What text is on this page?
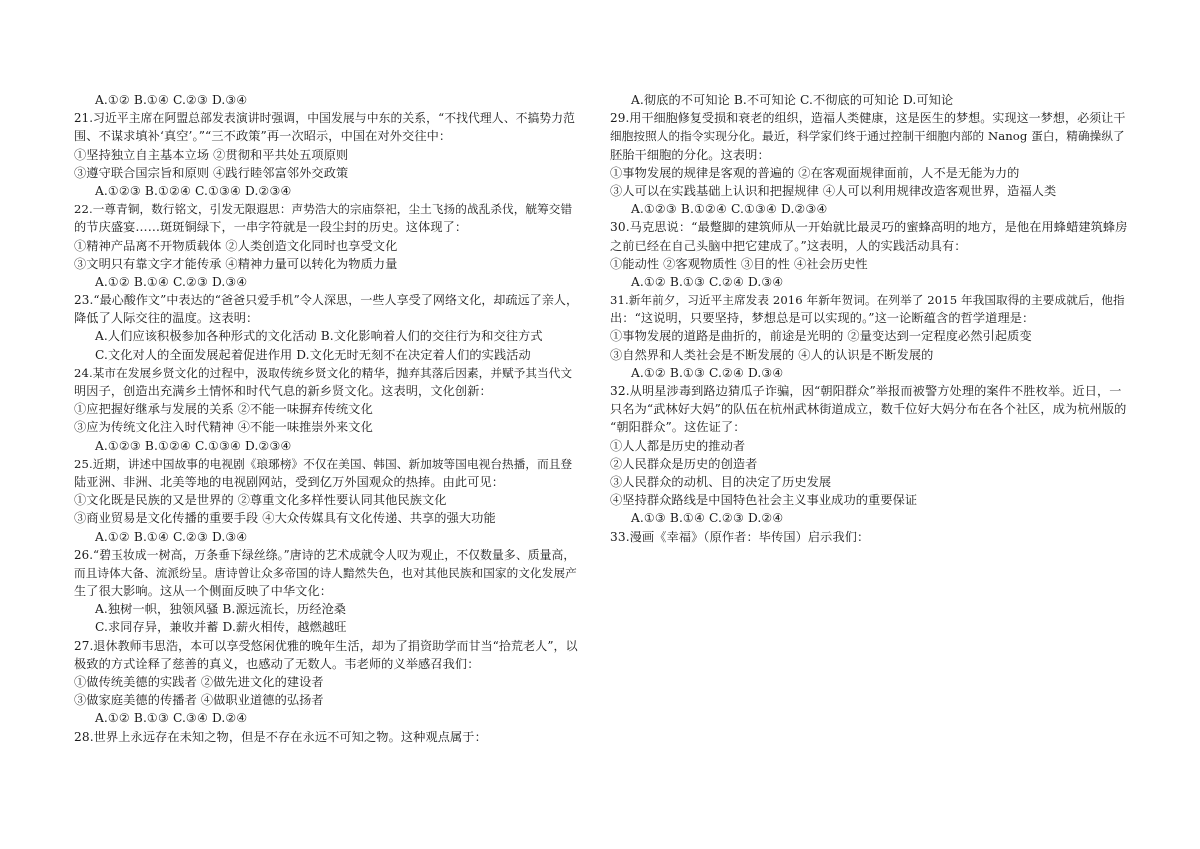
A.①② B.①④ C.②③ D.③④
21.习近平主席在阿盟总部发表演讲时强调，中国发展与中东的关系，“不找代理人、不搞势力范
围、不谋求填补‘真空’。”“三不政策”再一次昭示，中国在对外交往中：
①坚持独立自主基本立场 ②贯彻和平共处五项原则
③遵守联合国宗旨和原则 ④践行睦邻富邻外交政策
A.①②③ B.①②④ C.①③④ D.②③④
22.一尊青铜，数行铭文，引发无限遐思：声势浩大的宗庙祭祀，尘土飞扬的战乱杀伐，觥筹交错
的节庆盛宴……斑斑铜绿下，一串字符就是一段尘封的历史。这体现了：
①精神产品离不开物质载体 ②人类创造文化同时也享受文化
③文明只有靠文字才能传承 ④精神力量可以转化为物质力量
A.①② B.①④ C.②③ D.③④
23.“最心酸作文”中表达的“爸爸只爱手机”令人深思，一些人享受了网络文化，却疏远了亲人，
降低了人际交往的温度。这表明：
A.人们应该积极参加各种形式的文化活动 B.文化影响着人们的交往行为和交往方式
C.文化对人的全面发展起着促进作用 D.文化无时无刻不在决定着人们的实践活动
24.某市在发展乡贤文化的过程中，汲取传统乡贤文化的精华，抛弃其落后因素，并赋予其当代文
明因子，创造出充满乡土情怀和时代气息的新乡贤文化。这表明，文化创新：
①应把握好继承与发展的关系 ②不能一味摒弃传统文化
③应为传统文化注入时代精神 ④不能一味推崇外来文化
A.①②③ B.①②④ C.①③④ D.②③④
25.近期，讲述中国故事的电视剧《琅琊榜》不仅在美国、韩国、新加坡等国电视台热播，而且登
陆亚洲、非洲、北美等地的电视剧网站，受到亿万外国观众的热捧。由此可见：
①文化既是民族的又是世界的 ②尊重文化多样性要认同其他民族文化
③商业贸易是文化传播的重要手段 ④大众传媒具有文化传递、共享的强大功能
A.①② B.①④ C.②③ D.③④
26.“碧玉妆成一树高，万条垂下绿丝绦。”唐诗的艺术成就令人叹为观止，不仅数量多、质量高，
而且诗体大备、流派纷呈。唐诗曾让众多帝国的诗人黯然失色，也对其他民族和国家的文化发展产
生了很大影响。这从一个侧面反映了中华文化：
A.独树一帜，独领风骚 B.源远流长，历经沧桑
C.求同存异，兼收并蓄 D.薪火相传，越燃越旺
27.退休教师韦思浩，本可以享受悠闲优雅的晚年生活，却为了捐资助学而甘当“拾荒老人”，以
极致的方式诠释了慈善的真义，也感动了无数人。韦老师的义举感召我们：
①做传统美德的实践者 ②做先进文化的建设者
③做家庭美德的传播者 ④做职业道德的弘扬者
A.①② B.①③ C.③④ D.②④
28.世界上永远存在未知之物，但是不存在永远不可知之物。这种观点属于：
A.彻底的不可知论 B.不可知论 C.不彻底的可知论 D.可知论
29.用干细胞修复受损和衰老的组织，造福人类健康，这是医生的梦想。实现这一梦想，必须让干
细胞按照人的指令实现分化。最近，科学家们终于通过控制干细胞内部的 Nanog 蛋白，精确操纵了
胚胎干细胞的分化。这表明：
①事物发展的规律是客观的普遍的 ②在客观面规律面前，人不是无能为力的
③人可以在实践基础上认识和把握规律 ④人可以利用规律改造客观世界，造福人类
A.①②③ B.①②④ C.①③④ D.②③④
30.马克思说：“最蹩脚的建筑师从一开始就比最灵巧的蜜蜂高明的地方，是他在用蜂蜡建筑蜂房
之前已经在自己头脑中把它建成了。”这表明，人的实践活动具有：
①能动性 ②客观物质性 ③目的性 ④社会历史性
A.①② B.①③ C.②④ D.③④
31.新年前夕，习近平主席发表 2016 年新年贺词。在列举了 2015 年我国取得的主要成就后，他指
出：“这说明，只要坚持，梦想总是可以实现的。”这一论断蕴含的哲学道理是：
①事物发展的道路是曲折的，前途是光明的 ②量变达到一定程度必然引起质变
③自然界和人类社会是不断发展的 ④人的认识是不断发展的
A.①② B.①③ C.②④ D.③④
32.从明星涉毒到路边猜瓜子诈骗，因“朝阳群众”举报而被警方处理的案件不胜枚举。近日，一
只名为“武林好大妈”的队伍在杭州武林街道成立，数千位好大妈分布在各个社区，成为杭州版的
“朝阳群众”。这佐证了：
①人人都是历史的推动者
②人民群众是历史的创造者
③人民群众的动机、目的决定了历史发展
④坚持群众路线是中国特色社会主义事业成功的重要保证
A.①③ B.①④ C.②③ D.②④
33.漫画《幸福》（原作者：毕传国）启示我们：
